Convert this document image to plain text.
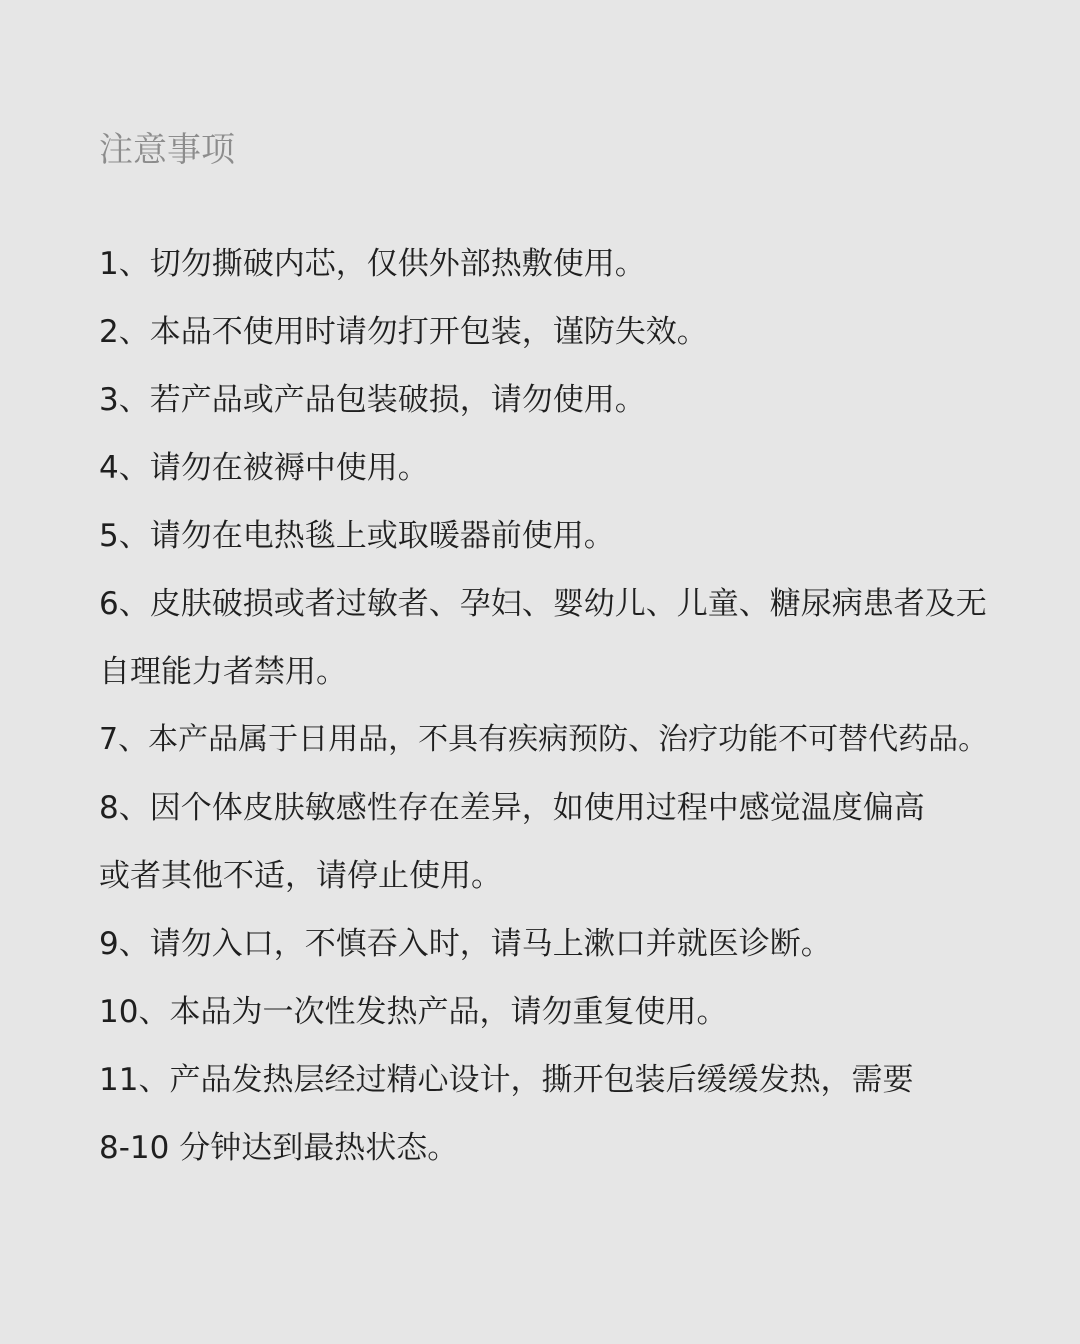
注意事项
1、切勿撕破内芯，仅供外部热敷使用。
2、本品不使用时请勿打开包装，谨防失效。
3、若产品或产品包装破损，请勿使用。
4、请勿在被褥中使用。
5、请勿在电热毯上或取暖器前使用。
6、皮肤破损或者过敏者、孕妇、婴幼儿、儿童、糖尿病患者及无
自理能力者禁用。
7、本产品属于日用品，不具有疾病预防、治疗功能不可替代药品。
8、因个体皮肤敏感性存在差异，如使用过程中感觉温度偏高
或者其他不适，请停止使用。
9、请勿入口，不慎吞入时，请马上漱口并就医诊断。
10、本品为一次性发热产品，请勿重复使用。
11、产品发热层经过精心设计，撕开包装后缓缓发热，需要
8-10 分钟达到最热状态。
